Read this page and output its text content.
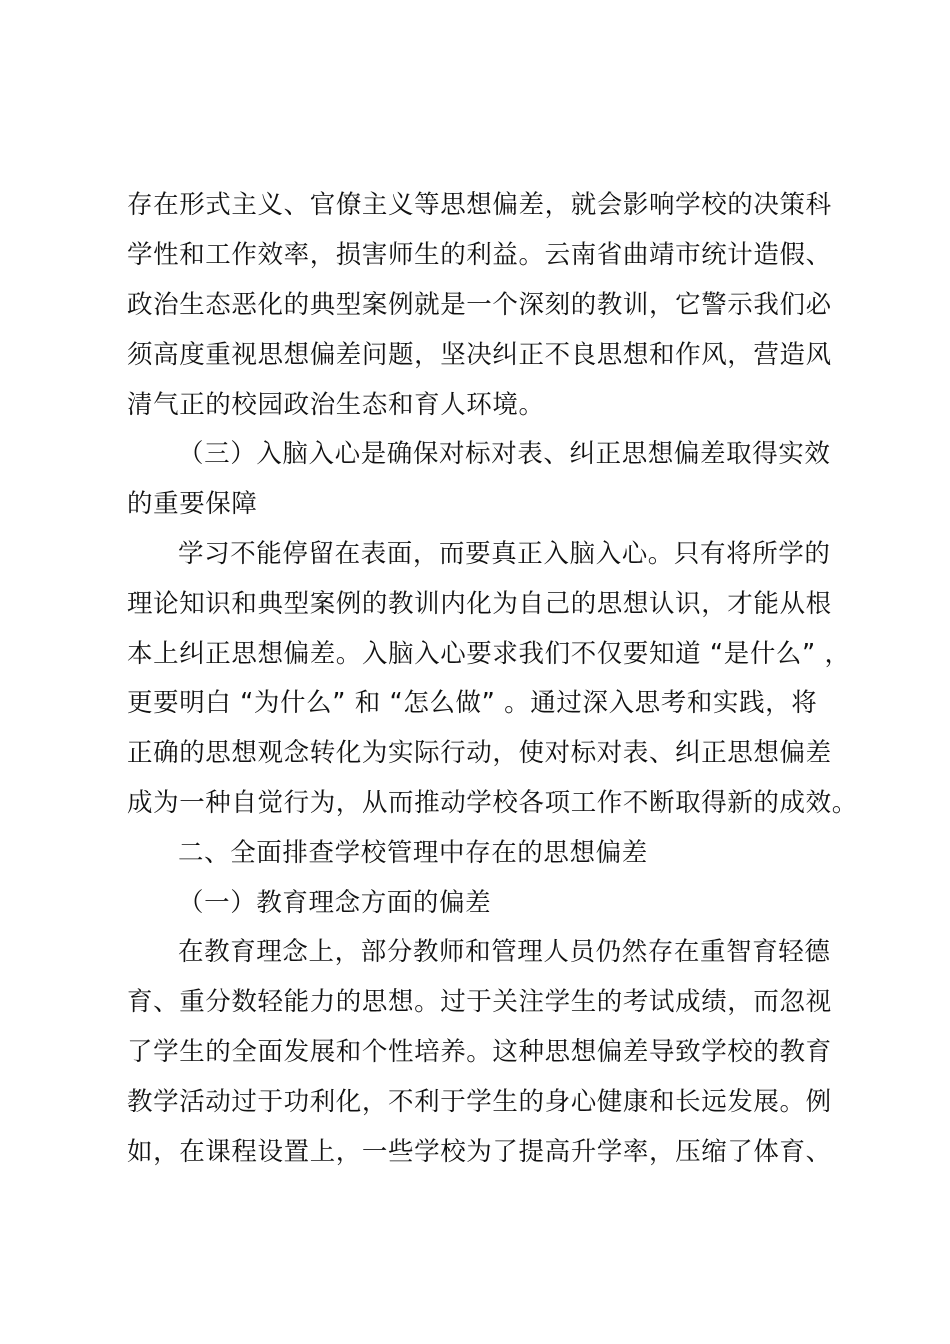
存在形式主义、官僚主义等思想偏差，就会影响学校的决策科
学性和工作效率，损害师生的利益。云南省曲靖市统计造假、
政治生态恶化的典型案例就是一个深刻的教训，它警示我们必
须高度重视思想偏差问题，坚决纠正不良思想和作风，营造风
清气正的校园政治生态和育人环境。
（三）入脑入心是确保对标对表、纠正思想偏差取得实效
的重要保障
学习不能停留在表面，而要真正入脑入心。只有将所学的
理论知识和典型案例的教训内化为自己的思想认识，才能从根
本上纠正思想偏差。入脑入心要求我们不仅要知道 “是什么” ，
更要明白 “为什么” 和 “怎么做” 。通过深入思考和实践，将
正确的思想观念转化为实际行动，使对标对表、纠正思想偏差
成为一种自觉行为，从而推动学校各项工作不断取得新的成效。
二、全面排查学校管理中存在的思想偏差
（一）教育理念方面的偏差
在教育理念上，部分教师和管理人员仍然存在重智育轻德
育、重分数轻能力的思想。过于关注学生的考试成绩，而忽视
了学生的全面发展和个性培养。这种思想偏差导致学校的教育
教学活动过于功利化，不利于学生的身心健康和长远发展。例
如，在课程设置上，一些学校为了提高升学率，压缩了体育、
